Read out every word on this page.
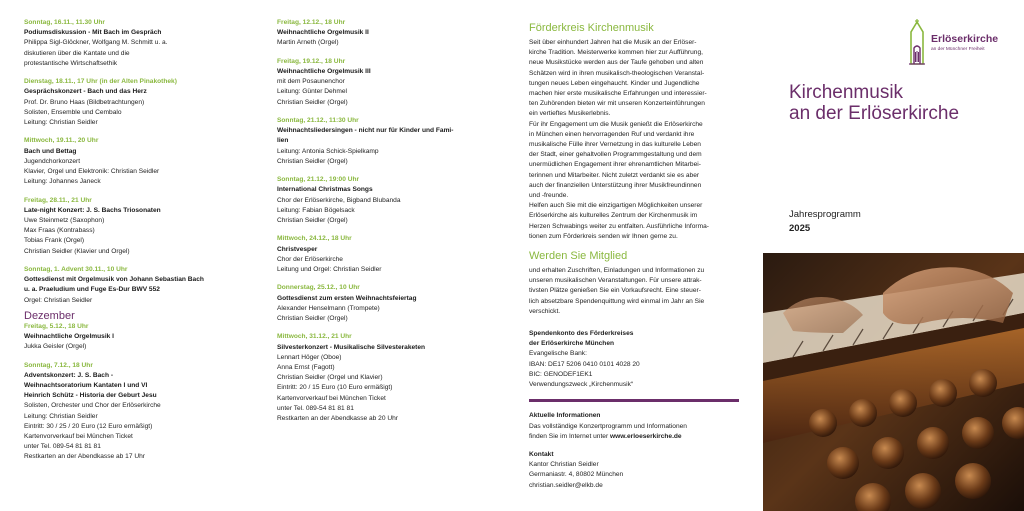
Sonntag, 16.11., 11.30 Uhr
Podiumsdiskussion - Mit Bach im Gespräch
Philippa Sigl-Glöckner, Wolfgang M. Schmitt u. a.
diskutieren über die Kantate und die
protestantische Wirtschaftsethik
Dienstag, 18.11., 17 Uhr (in der Alten Pinakothek)
Gesprächskonzert - Bach und das Herz
Prof. Dr. Bruno Haas (Bildbetrachtungen)
Solisten, Ensemble und Cembalo
Leitung: Christian Seidler
Mittwoch, 19.11., 20 Uhr
Bach und Bettag
Jugendchorkonzert
Klavier, Orgel und Elektronik: Christian Seidler
Leitung: Johannes Janeck
Freitag, 28.11., 21 Uhr
Late-night Konzert: J. S. Bachs Triosonaten
Uwe Steinmetz (Saxophon)
Max Fraas (Kontrabass)
Tobias Frank (Orgel)
Christian Seidler (Klavier und Orgel)
Sonntag, 1. Advent 30.11., 10 Uhr
Gottesdienst mit Orgelmusik von Johann Sebastian Bach
u. a. Praeludium und Fuge Es-Dur BWV 552
Orgel: Christian Seidler
Dezember
Freitag, 5.12., 18 Uhr
Weihnachtliche Orgelmusik I
Jukka Geisler (Orgel)
Sonntag, 7.12., 18 Uhr
Adventskonzert: J. S. Bach -
Weihnachtsoratorium Kantaten I und VI
Heinrich Schütz - Historia der Geburt Jesu
Solisten, Orchester und Chor der Erlöserkirche
Leitung: Christian Seidler
Eintritt: 30 / 25 / 20 Euro (12 Euro ermäßigt)
Kartenvorverkauf bei München Ticket
unter Tel. 089-54 81 81 81
Restkarten an der Abendkasse ab 17 Uhr
Freitag, 12.12., 18 Uhr
Weihnachtliche Orgelmusik II
Martin Arneth (Orgel)
Freitag, 19.12., 18 Uhr
Weihnachtliche Orgelmusik III
mit dem Posaunenchor
Leitung: Günter Dehmel
Christian Seidler (Orgel)
Sonntag, 21.12., 11:30 Uhr
Weihnachtsliedersingen - nicht nur für Kinder und Fami-
lien
Leitung: Antonia Schick-Spielkamp
Christian Seidler (Orgel)
Sonntag, 21.12., 19:00 Uhr
International Christmas Songs
Chor der Erlöserkirche, Bigband Blubanda
Leitung: Fabian Bögelsack
Christian Seidler (Orgel)
Mittwoch, 24.12., 18 Uhr
Christvesper
Chor der Erlöserkirche
Leitung und Orgel: Christian Seidler
Donnerstag, 25.12., 10 Uhr
Gottesdienst zum ersten Weihnachtsfeiertag
Alexander Henselmann (Trompete)
Christian Seidler (Orgel)
Mittwoch, 31.12., 21 Uhr
Silvesterkonzert - Musikalische Silvesteraketen
Lennart Höger (Oboe)
Anna Ernst (Fagott)
Christian Seidler (Orgel und Klavier)
Eintritt: 20 / 15 Euro (10 Euro ermäßigt)
Kartenvorverkauf bei München Ticket
unter Tel. 089-54 81 81 81
Restkarten an der Abendkasse ab 20 Uhr
Förderkreis Kirchenmusik
Seit über einhundert Jahren hat die Musik an der Erlöser-
kirche Tradition. Meisterwerke kommen hier zur Aufführung,
neue Musikstücke werden aus der Taufe gehoben und alten
Schätzen wird in ihren musikalisch-theologischen Veranstal-
tungen neues Leben eingehaucht. Kinder und Jugendliche
machen hier erste musikalische Erfahrungen und interessier-
ten Zuhörenden bieten wir mit unseren Konzerteinführungen
ein vertieftes Musikerlebnis.
Für ihr Engagement um die Musik genießt die Erlöserkirche
in München einen hervorragenden Ruf und verdankt ihre
musikalische Fülle ihrer Vernetzung in das kulturelle Leben
der Stadt, einer gehaltvollen Programmgestaltung und dem
unermüdlichen Engagement ihrer ehrenamtlichen Mitarbei-
terinnen und Mitarbeiter. Nicht zuletzt verdankt sie es aber
auch der finanziellen Unterstützung ihrer Musikfreundinnen
und -freunde.
Helfen auch Sie mit die einzigartigen Möglichkeiten unserer
Erlöserkirche als kulturelles Zentrum der Kirchenmusik im
Herzen Schwabings weiter zu entfalten. Ausführliche Informa-
tionen zum Förderkreis senden wir Ihnen gerne zu.
Werden Sie Mitglied
und erhalten Zuschriften, Einladungen und Informationen zu
unseren musikalischen Veranstaltungen. Für unsere attrak-
tivsten Plätze genießen Sie ein Vorkaufsrecht. Eine steuer-
lich absetzbare Spendenquittung wird einmal im Jahr an Sie
verschickt.
Spendenkonto des Förderkreises
der Erlöserkirche München
Evangelische Bank:
IBAN: DE17 5206 0410 0101 4028 20
BIC: GENODEF1EK1
Verwendungszweck „Kirchenmusik“
Aktuelle Informationen
Das vollständige Konzertprogramm und Informationen
finden Sie im Internet unter www.erloeserkirche.de
Kontakt
Kantor Christian Seidler
Germaniastr. 4, 80802 München
christian.seidler@elkb.de
Erlöserkirche
an der Münchner Freiheit
Kirchenmusik
an der Erlöserkirche
Jahresprogramm
2025
